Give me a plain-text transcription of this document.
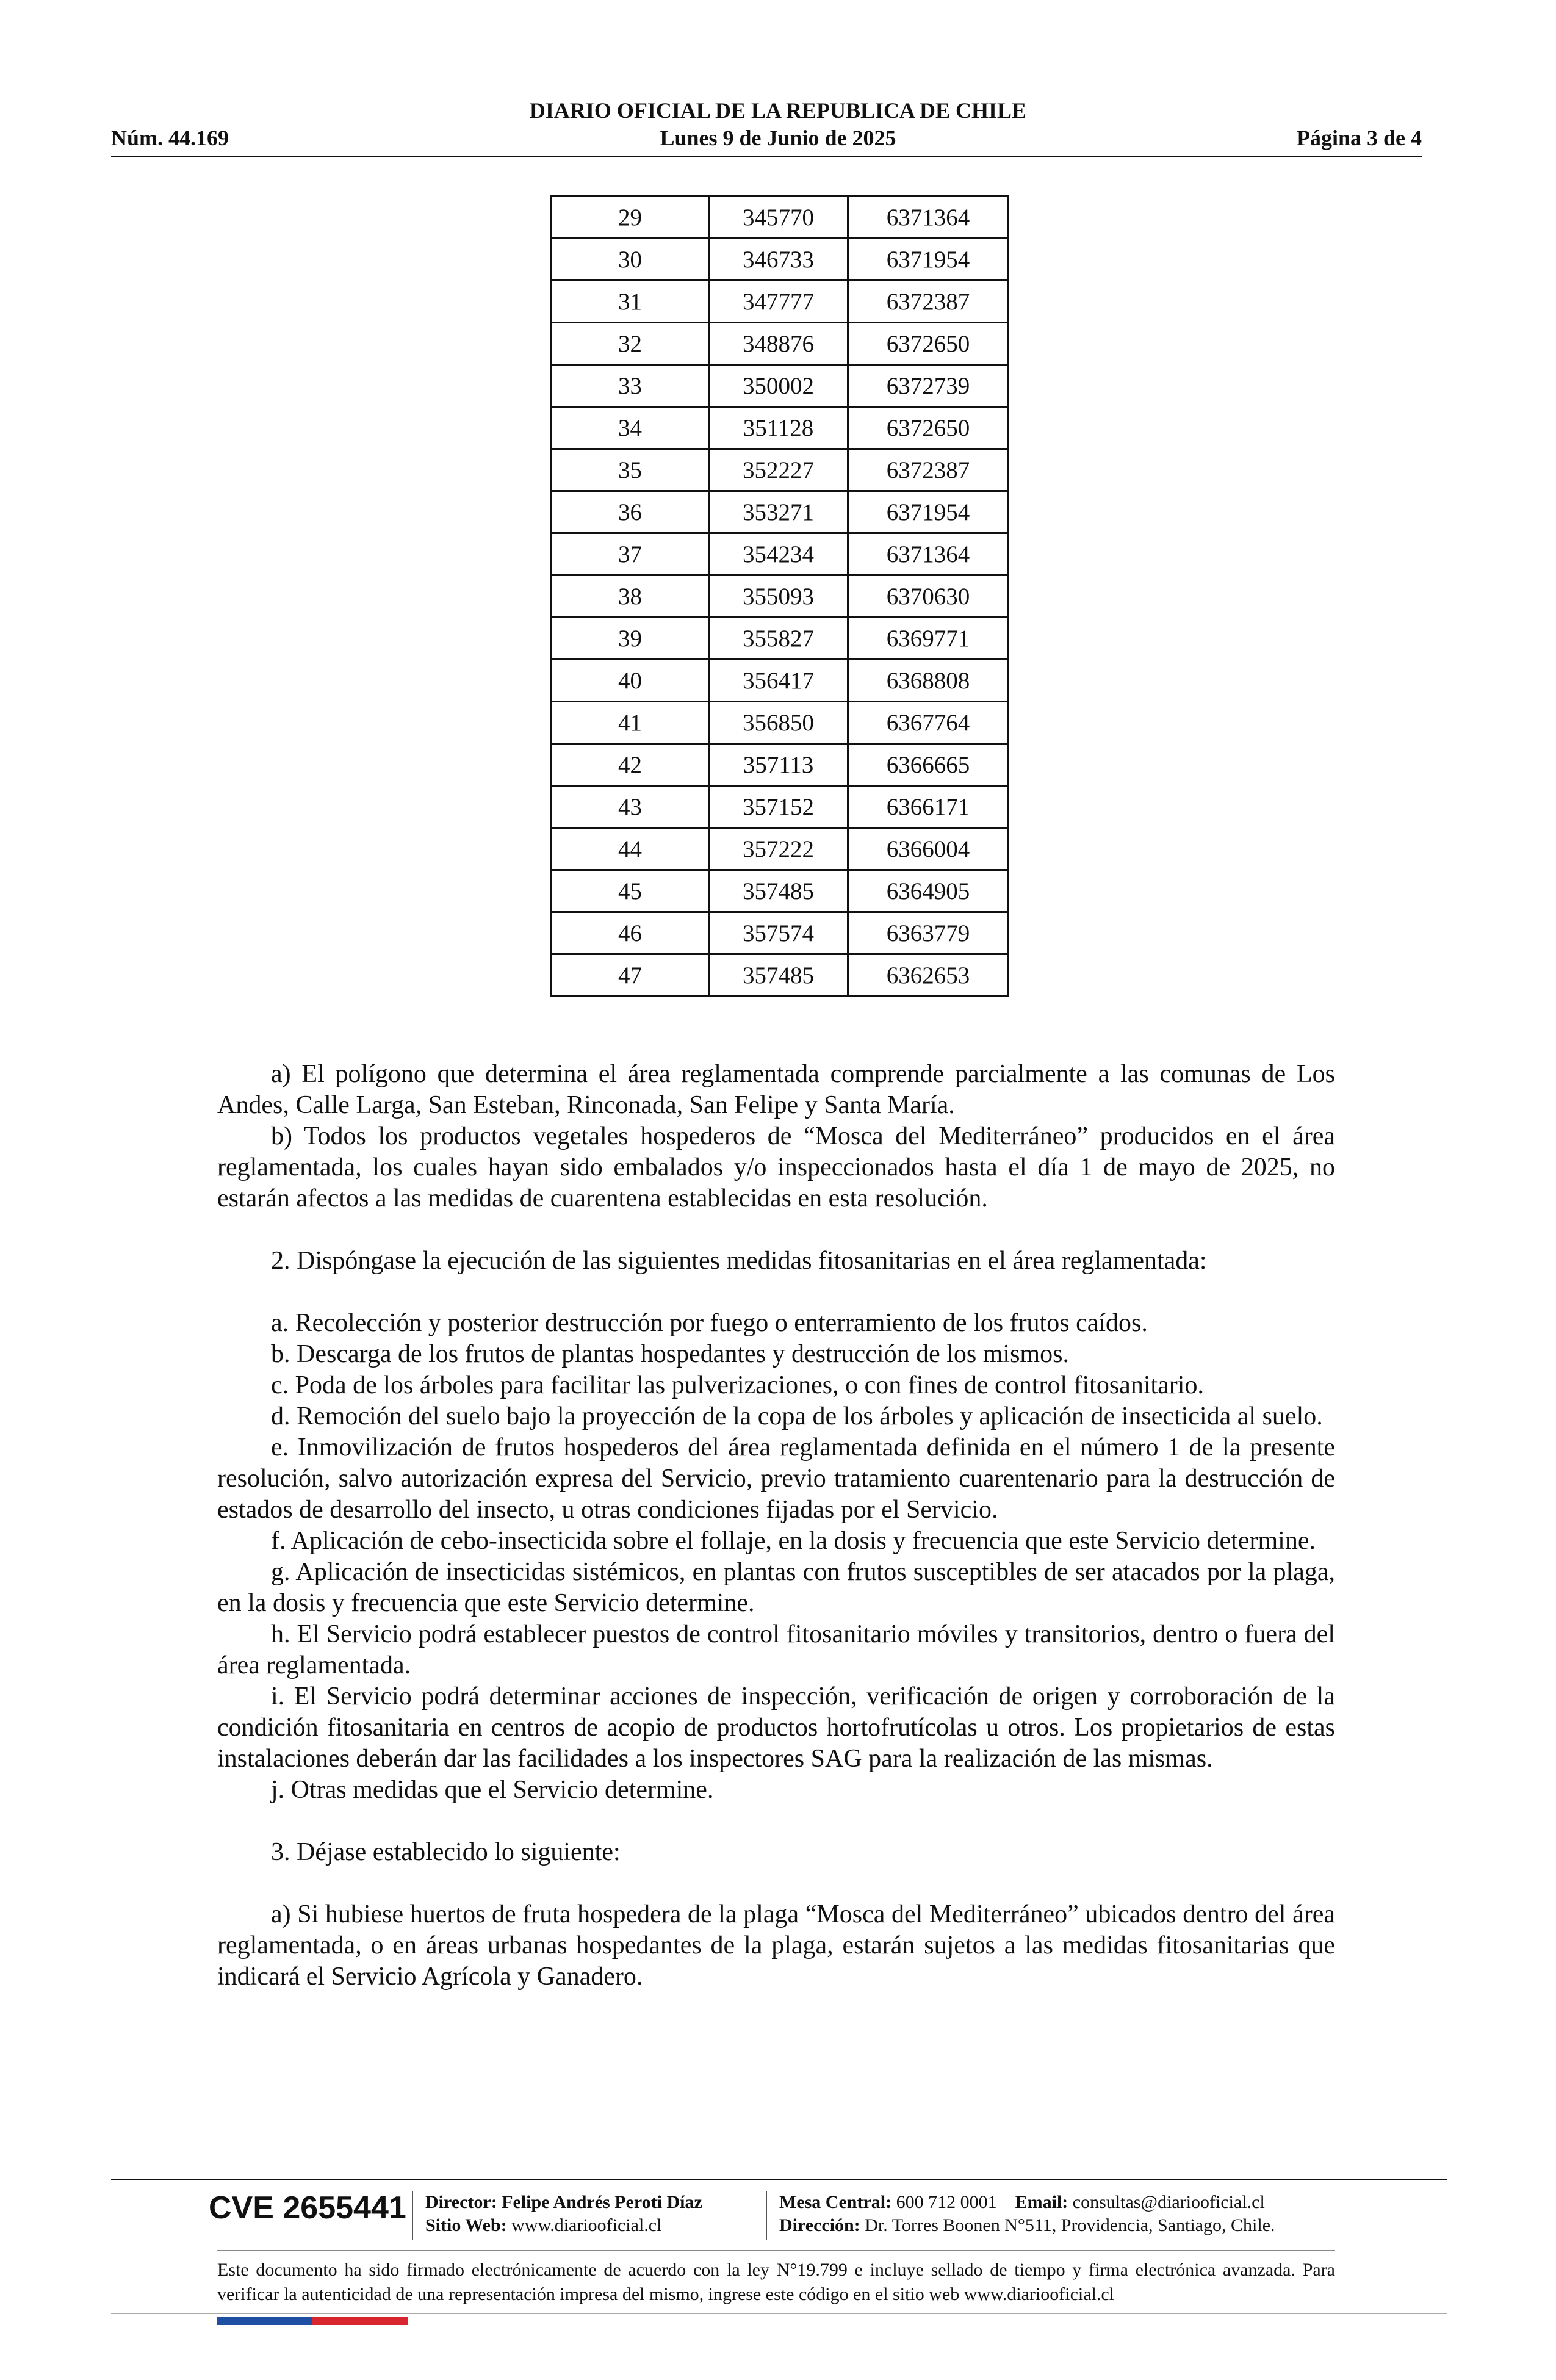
DIARIO OFICIAL DE LA REPUBLICA DE CHILE
Núm. 44.169	Lunes 9 de Junio de 2025	Página 3 de 4
29	345770	6371364
30	346733	6371954
31	347777	6372387
32	348876	6372650
33	350002	6372739
34	351128	6372650
35	352227	6372387
36	353271	6371954
37	354234	6371364
38	355093	6370630
39	355827	6369771
40	356417	6368808
41	356850	6367764
42	357113	6366665
43	357152	6366171
44	357222	6366004
45	357485	6364905
46	357574	6363779
47	357485	6362653

a) El polígono que determina el área reglamentada comprende parcialmente a las comunas de Los Andes, Calle Larga, San Esteban, Rinconada, San Felipe y Santa María.

b) Todos los productos vegetales hospederos de “Mosca del Mediterráneo” producidos en el área reglamentada, los cuales hayan sido embalados y/o inspeccionados hasta el día 1 de mayo de 2025, no estarán afectos a las medidas de cuarentena establecidas en esta resolución.

2. Dispóngase la ejecución de las siguientes medidas fitosanitarias en el área reglamentada:

a. Recolección y posterior destrucción por fuego o enterramiento de los frutos caídos.

b. Descarga de los frutos de plantas hospedantes y destrucción de los mismos.

c. Poda de los árboles para facilitar las pulverizaciones, o con fines de control fitosanitario.

d. Remoción del suelo bajo la proyección de la copa de los árboles y aplicación de insecticida al suelo.

e. Inmovilización de frutos hospederos del área reglamentada definida en el número 1 de la presente resolución, salvo autorización expresa del Servicio, previo tratamiento cuarentenario para la destrucción de estados de desarrollo del insecto, u otras condiciones fijadas por el Servicio.

f. Aplicación de cebo-insecticida sobre el follaje, en la dosis y frecuencia que este Servicio determine.

g. Aplicación de insecticidas sistémicos, en plantas con frutos susceptibles de ser atacados por la plaga, en la dosis y frecuencia que este Servicio determine.

h. El Servicio podrá establecer puestos de control fitosanitario móviles y transitorios, dentro o fuera del área reglamentada.

i. El Servicio podrá determinar acciones de inspección, verificación de origen y corroboración de la condición fitosanitaria en centros de acopio de productos hortofrutícolas u otros. Los propietarios de estas instalaciones deberán dar las facilidades a los inspectores SAG para la realización de las mismas.

j. Otras medidas que el Servicio determine.

3. Déjase establecido lo siguiente:

a) Si hubiese huertos de fruta hospedera de la plaga “Mosca del Mediterráneo” ubicados dentro del área reglamentada, o en áreas urbanas hospedantes de la plaga, estarán sujetos a las medidas fitosanitarias que indicará el Servicio Agrícola y Ganadero.

CVE 2655441 Director: Felipe Andrés Peroti Díaz
Sitio Web: www.diariooficial.cl
Mesa Central: 600 712 0001 Email: consultas@diariooficial.cl
Dirección: Dr. Torres Boonen N°511, Providencia, Santiago, Chile.
Este documento ha sido firmado electrónicamente de acuerdo con la ley N°19.799 e incluye sellado de tiempo y firma electrónica avanzada. Para verificar la autenticidad de una representación impresa del mismo, ingrese este código en el sitio web www.diariooficial.cl
